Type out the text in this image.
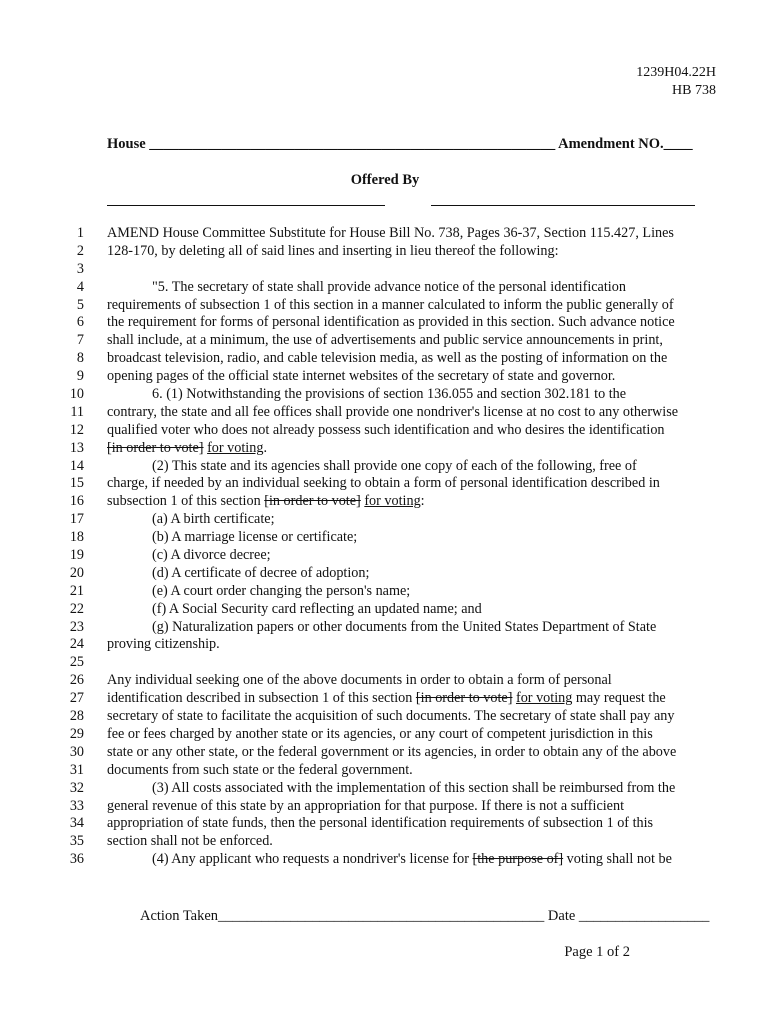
1239H04.22H
HB 738
House ________________________________________________________ Amendment NO.____
Offered By
1 AMEND House Committee Substitute for House Bill No. 738, Pages 36-37, Section 115.427, Lines
2 128-170, by deleting all of said lines and inserting in lieu thereof the following:
3
4	"5. The secretary of state shall provide advance notice of the personal identification
5 requirements of subsection 1 of this section in a manner calculated to inform the public generally of
6 the requirement for forms of personal identification as provided in this section. Such advance notice
7 shall include, at a minimum, the use of advertisements and public service announcements in print,
8 broadcast television, radio, and cable television media, as well as the posting of information on the
9 opening pages of the official state internet websites of the secretary of state and governor.
10	6. (1) Notwithstanding the provisions of section 136.055 and section 302.181 to the
11 contrary, the state and all fee offices shall provide one nondriver's license at no cost to any otherwise
12 qualified voter who does not already possess such identification and who desires the identification
13 [in order to vote] for voting.
14	(2) This state and its agencies shall provide one copy of each of the following, free of
15 charge, if needed by an individual seeking to obtain a form of personal identification described in
16 subsection 1 of this section [in order to vote] for voting:
17	(a) A birth certificate;
18	(b) A marriage license or certificate;
19	(c) A divorce decree;
20	(d) A certificate of decree of adoption;
21	(e) A court order changing the person's name;
22	(f) A Social Security card reflecting an updated name; and
23	(g) Naturalization papers or other documents from the United States Department of State
24 proving citizenship.
25
26 Any individual seeking one of the above documents in order to obtain a form of personal
27 identification described in subsection 1 of this section [in order to vote] for voting may request the
28 secretary of state to facilitate the acquisition of such documents. The secretary of state shall pay any
29 fee or fees charged by another state or its agencies, or any court of competent jurisdiction in this
30 state or any other state, or the federal government or its agencies, in order to obtain any of the above
31 documents from such state or the federal government.
32	(3) All costs associated with the implementation of this section shall be reimbursed from the
33 general revenue of this state by an appropriation for that purpose. If there is not a sufficient
34 appropriation of state funds, then the personal identification requirements of subsection 1 of this
35 section shall not be enforced.
36	(4) Any applicant who requests a nondriver's license for [the purpose of] voting shall not be
Action Taken_____________________________________________ Date __________________
Page 1 of 2
